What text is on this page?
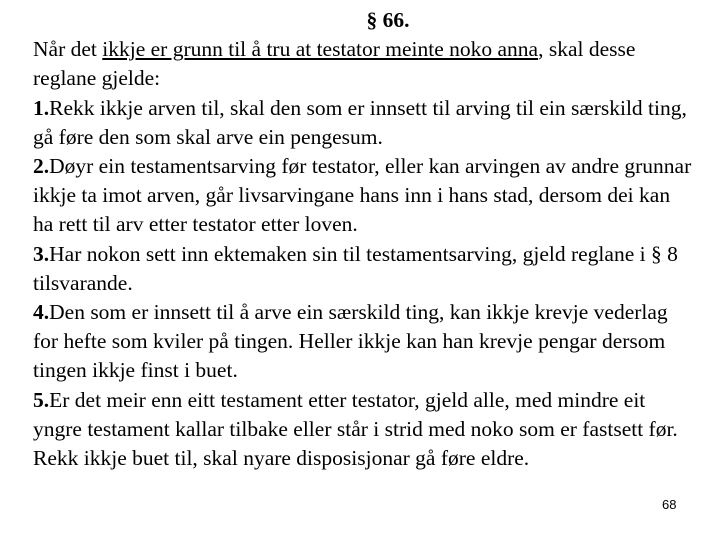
§ 66.
Når det ikkje er grunn til å tru at testator meinte noko anna, skal desse reglane gjelde:
1.Rekk ikkje arven til, skal den som er innsett til arving til ein særskild ting, gå føre den som skal arve ein pengesum.
2.Døyr ein testamentsarving før testator, eller kan arvingen av andre grunnar ikkje ta imot arven, går livsarvingane hans inn i hans stad, dersom dei kan ha rett til arv etter testator etter loven.
3.Har nokon sett inn ektemaken sin til testamentsarving, gjeld reglane i § 8 tilsvarande.
4.Den som er innsett til å arve ein særskild ting, kan ikkje krevje vederlag for hefte som kviler på tingen. Heller ikkje kan han krevje pengar dersom tingen ikkje finst i buet.
5.Er det meir enn eitt testament etter testator, gjeld alle, med mindre eit yngre testament kallar tilbake eller står i strid med noko som er fastsett før. Rekk ikkje buet til, skal nyare disposisjonar gå føre eldre.
68
